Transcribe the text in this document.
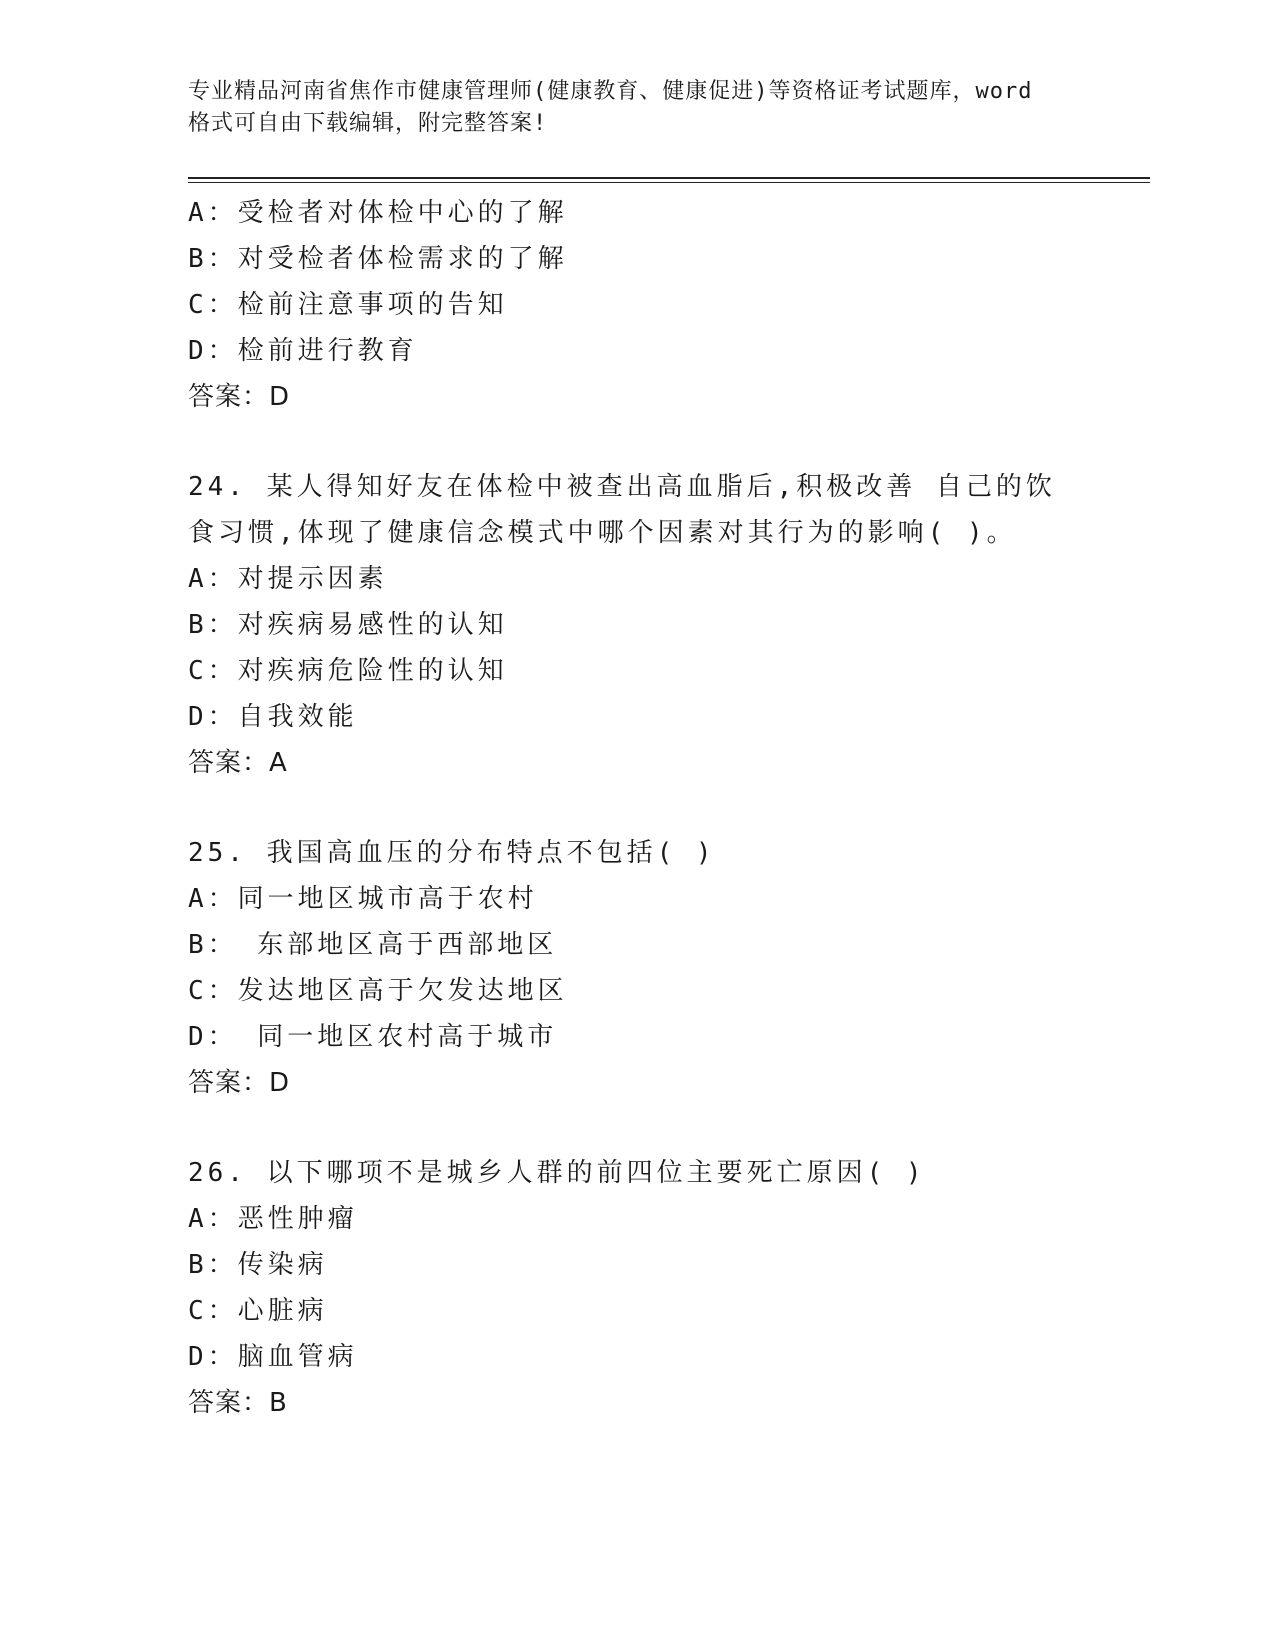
专业精品河南省焦作市健康管理师(健康教育、健康促进)等资格证考试题库，word
格式可自由下载编辑，附完整答案!
A：受检者对体检中心的了解
B：对受检者体检需求的了解
C：检前注意事项的告知
D：检前进行教育
答案：D
24. 某人得知好友在体检中被查出高血脂后,积极改善 自己的饮食习惯,体现了健康信念模式中哪个因素对其行为的影响( )。
A：对提示因素
B：对疾病易感性的认知
C：对疾病危险性的认知
D：自我效能
答案：A
25. 我国高血压的分布特点不包括( )
A：同一地区城市高于农村
B： 东部地区高于西部地区
C：发达地区高于欠发达地区
D： 同一地区农村高于城市
答案：D
26. 以下哪项不是城乡人群的前四位主要死亡原因( )
A：恶性肿瘤
B：传染病
C：心脏病
D：脑血管病
答案：B
